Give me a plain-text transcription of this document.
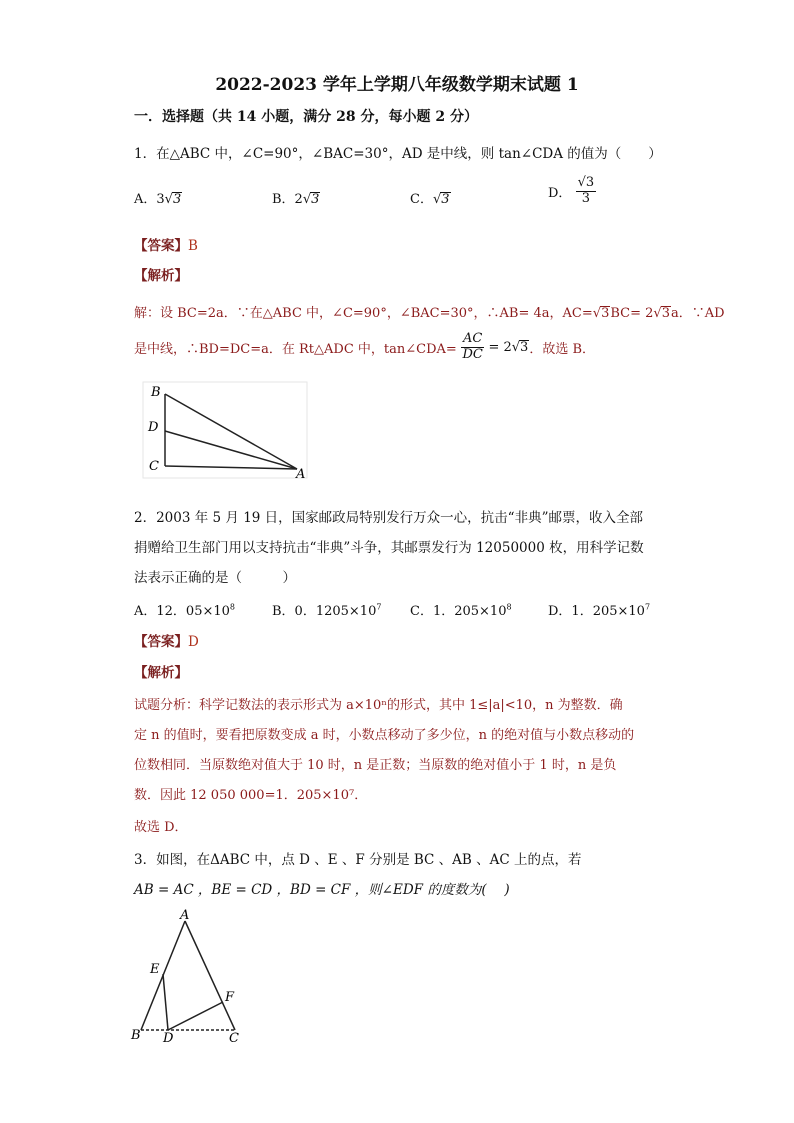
2022-2023 学年上学期八年级数学期末试题 1
一．选择题（共 14 小题，满分 28 分，每小题 2 分）
1．在△ABC 中，∠C=90°，∠BAC=30°，AD 是中线，则 tan∠CDA 的值为（　　）
A．3√3	B．2√3	C．√3	D． $\frac{√3}{3}$
【答案】B
【解析】
解：设 BC=2a．∵在△ABC 中，∠C=90°，∠BAC=30°，∴AB= 4a，AC=√3BC= 2√3a．∵AD
是中线，∴BD=DC=a．在 Rt△ADC 中，tan∠CDA= $\frac{AC}{DC} = 2√3$．故选 B．
B
D
C
A
2．2003 年 5 月 19 日，国家邮政局特别发行万众一心，抗击“非典”邮票，收入全部
捐赠给卫生部门用以支持抗击“非典”斗争，其邮票发行为 12050000 枚，用科学记数
法表示正确的是（　　　）
A．12．$05\times 10^8$	B．0．$1205\times 10^7$ C．1．$205\times 10^8$	D．1．$205\times 10^7$
【答案】D
【解析】
试题分析：科学记数法的表示形式为 a×10ⁿ的形式，其中 1≤|a|<10，n 为整数．确
定 n 的值时，要看把原数变成 a 时，小数点移动了多少位，n 的绝对值与小数点移动的
位数相同．当原数绝对值大于 10 时，n 是正数；当原数的绝对值小于 1 时，n 是负
数．因此 12 050 000=1．205×10⁷．
故选 D．
3．如图，在ΔABC 中，点 D 、E 、F 分别是 BC 、AB 、AC 上的点，若
AB = AC ，BE = CD ，BD = CF ，则∠EDF 的度数为(　 )
A
E
F
B D	C
